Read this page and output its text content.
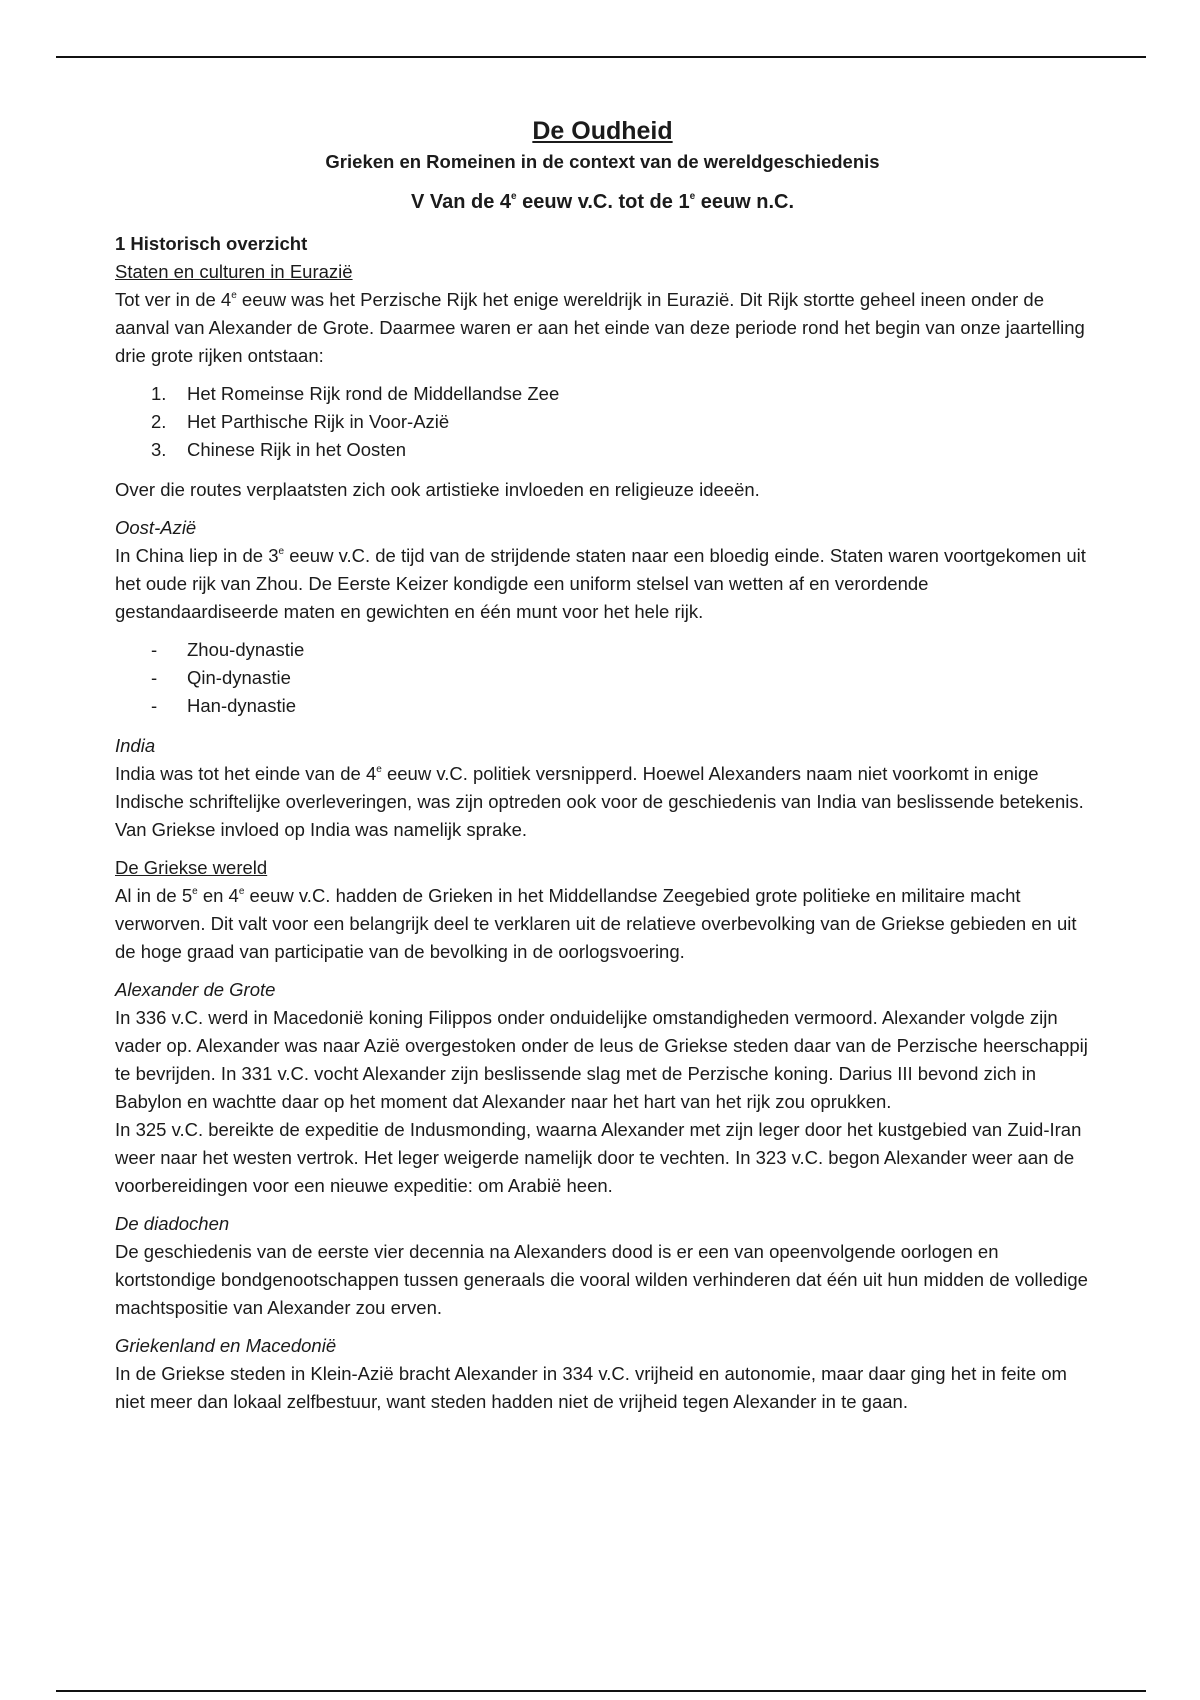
De Oudheid

Grieken en Romeinen in de context van de wereldgeschiedenis

V Van de 4e eeuw v.C. tot de 1e eeuw n.C.

1 Historisch overzicht

Staten en culturen in Eurazië

Tot ver in de 4e eeuw was het Perzische Rijk het enige wereldrijk in Eurazië. Dit Rijk stortte geheel ineen onder de aanval van Alexander de Grote. Daarmee waren er aan het einde van deze periode rond het begin van onze jaartelling drie grote rijken ontstaan:

1.	Het Romeinse Rijk rond de Middellandse Zee
2.	Het Parthische Rijk in Voor-Azië
3.	Chinese Rijk in het Oosten

Over die routes verplaatsten zich ook artistieke invloeden en religieuze ideeën.

Oost-Azië

In China liep in de 3e eeuw v.C. de tijd van de strijdende staten naar een bloedig einde. Staten waren voortgekomen uit het oude rijk van Zhou. De Eerste Keizer kondigde een uniform stelsel van wetten af en verordende gestandaardiseerde maten en gewichten en één munt voor het hele rijk.

-	Zhou-dynastie
-	Qin-dynastie
-	Han-dynastie

India

India was tot het einde van de 4e eeuw v.C. politiek versnipperd. Hoewel Alexanders naam niet voorkomt in enige Indische schriftelijke overleveringen, was zijn optreden ook voor de geschiedenis van India van beslissende betekenis. Van Griekse invloed op India was namelijk sprake.

De Griekse wereld

Al in de 5e en 4e eeuw v.C. hadden de Grieken in het Middellandse Zeegebied grote politieke en militaire macht verworven. Dit valt voor een belangrijk deel te verklaren uit de relatieve overbevolking van de Griekse gebieden en uit de hoge graad van participatie van de bevolking in de oorlogsvoering.

Alexander de Grote

In 336 v.C. werd in Macedonië koning Filippos onder onduidelijke omstandigheden vermoord. Alexander volgde zijn vader op. Alexander was naar Azië overgestoken onder de leus de Griekse steden daar van de Perzische heerschappij te bevrijden. In 331 v.C. vocht Alexander zijn beslissende slag met de Perzische koning. Darius III bevond zich in Babylon en wachtte daar op het moment dat Alexander naar het hart van het rijk zou oprukken.

In 325 v.C. bereikte de expeditie de Indusmonding, waarna Alexander met zijn leger door het kustgebied van Zuid-Iran weer naar het westen vertrok. Het leger weigerde namelijk door te vechten. In 323 v.C. begon Alexander weer aan de voorbereidingen voor een nieuwe expeditie: om Arabië heen.

De diadochen

De geschiedenis van de eerste vier decennia na Alexanders dood is er een van opeenvolgende oorlogen en kortstondige bondgenootschappen tussen generaals die vooral wilden verhinderen dat één uit hun midden de volledige machtspositie van Alexander zou erven.

Griekenland en Macedonië

In de Griekse steden in Klein-Azië bracht Alexander in 334 v.C. vrijheid en autonomie, maar daar ging het in feite om niet meer dan lokaal zelfbestuur, want steden hadden niet de vrijheid tegen Alexander in te gaan.
